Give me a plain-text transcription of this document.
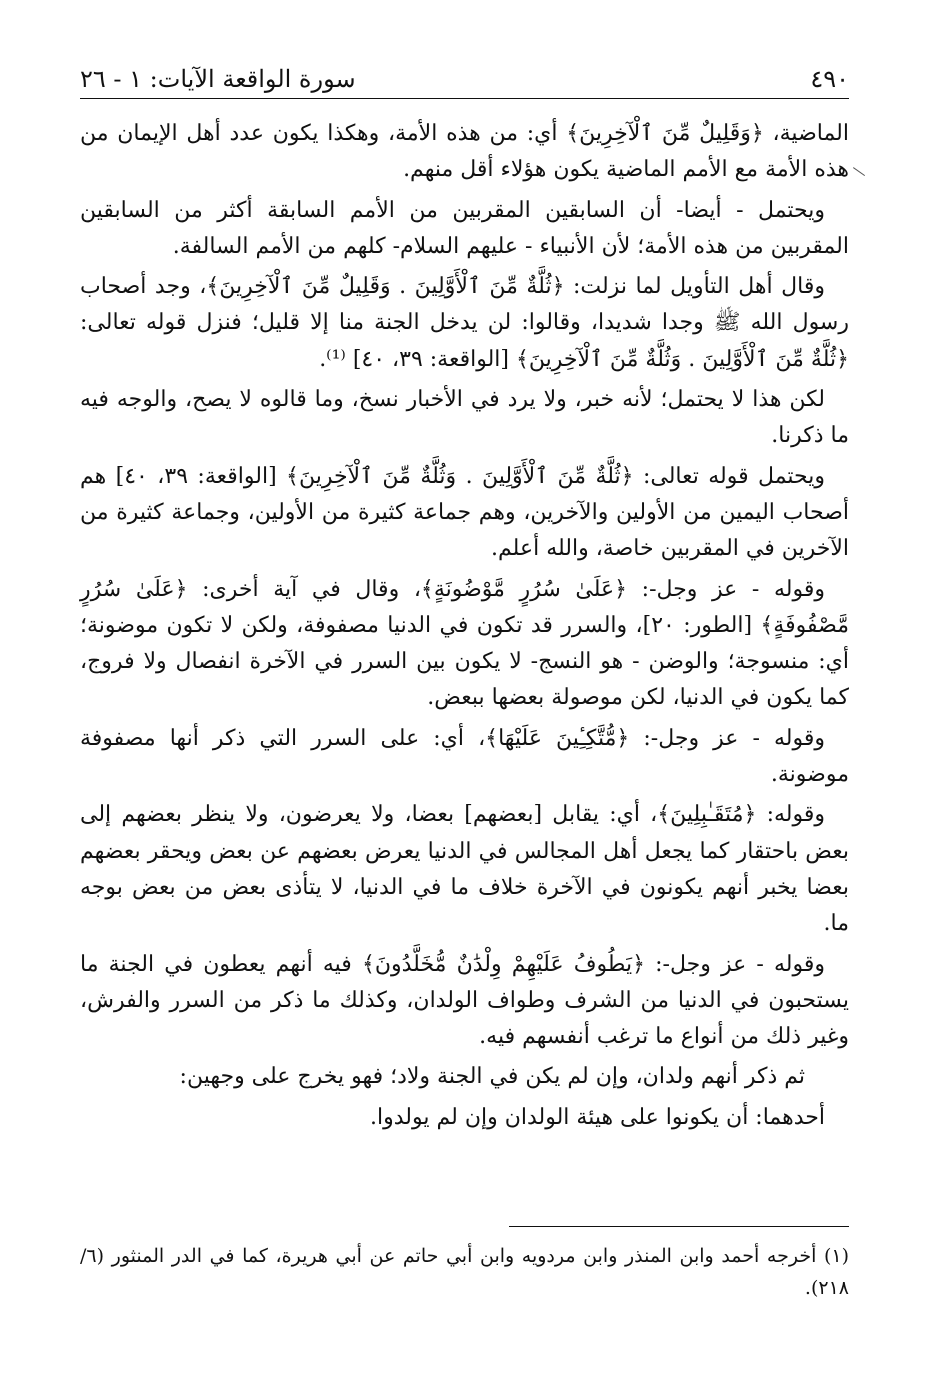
٤٩٠
سورة الواقعة الآيات: ١ - ٢٦

الماضية، ﴿وَقَلِيلٌ مِّنَ ٱلْآخِرِينَ﴾ أي: من هذه الأمة، وهكذا يكون عدد أهل الإيمان من هذه الأمة مع الأمم الماضية يكون هؤلاء أقل منهم.

ويحتمل - أيضا- أن السابقين المقربين من الأمم السابقة أكثر من السابقين المقربين من هذه الأمة؛ لأن الأنبياء - عليهم السلام- كلهم من الأمم السالفة.

وقال أهل التأويل لما نزلت: ﴿ثُلَّةٌ مِّنَ ٱلْأَوَّلِينَ . وَقَلِيلٌ مِّنَ ٱلْآخِرِينَ﴾، وجد أصحاب رسول الله ﷺ وجدا شديدا، وقالوا: لن يدخل الجنة منا إلا قليل؛ فنزل قوله تعالى: ﴿ثُلَّةٌ مِّنَ ٱلْأَوَّلِينَ . وَثُلَّةٌ مِّنَ ٱلْآخِرِينَ﴾ [الواقعة: ٣٩، ٤٠] ⁽¹⁾.

لكن هذا لا يحتمل؛ لأنه خبر، ولا يرد في الأخبار نسخ، وما قالوه لا يصح، والوجه فيه ما ذكرنا.

ويحتمل قوله تعالى: ﴿ثُلَّةٌ مِّنَ ٱلْأَوَّلِينَ . وَثُلَّةٌ مِّنَ ٱلْآخِرِينَ﴾ [الواقعة: ٣٩، ٤٠] هم أصحاب اليمين من الأولين والآخرين، وهم جماعة كثيرة من الأولين، وجماعة كثيرة من الآخرين في المقربين خاصة، والله أعلم.

وقوله - عز وجل-: ﴿عَلَىٰ سُرُرٍ مَّوْضُونَةٍ﴾، وقال في آية أخرى: ﴿عَلَىٰ سُرُرٍ مَّصْفُوفَةٍ﴾ [الطور: ٢٠]، والسرر قد تكون في الدنيا مصفوفة، ولكن لا تكون موضونة؛ أي: منسوجة؛ والوضن - هو النسج- لا يكون بين السرر في الآخرة انفصال ولا فروج، كما يكون في الدنيا، لكن موصولة بعضها ببعض.

وقوله - عز وجل-: ﴿مُّتَّكِـِٔينَ عَلَيْهَا﴾، أي: على السرر التي ذكر أنها مصفوفة موضونة.

وقوله: ﴿مُتَقَـٰبِلِينَ﴾، أي: يقابل [بعضهم] بعضا، ولا يعرضون، ولا ينظر بعضهم إلى بعض باحتقار كما يجعل أهل المجالس في الدنيا يعرض بعضهم عن بعض ويحقر بعضهم بعضا يخبر أنهم يكونون في الآخرة خلاف ما في الدنيا، لا يتأذى بعض من بعض بوجه ما.

وقوله - عز وجل-: ﴿يَطُوفُ عَلَيْهِمْ وِلْدَٰنٌ مُّخَلَّدُونَ﴾ فيه أنهم يعطون في الجنة ما يستحبون في الدنيا من الشرف وطواف الولدان، وكذلك ما ذكر من السرر والفرش، وغير ذلك من أنواع ما ترغب أنفسهم فيه.

ثم ذكر أنهم ولدان، وإن لم يكن في الجنة ولاد؛ فهو يخرج على وجهين:

أحدهما: أن يكونوا على هيئة الولدان وإن لم يولدوا.

(١) أخرجه أحمد وابن المنذر وابن مردويه وابن أبي حاتم عن أبي هريرة، كما في الدر المنثور (٦/ ٢١٨).
